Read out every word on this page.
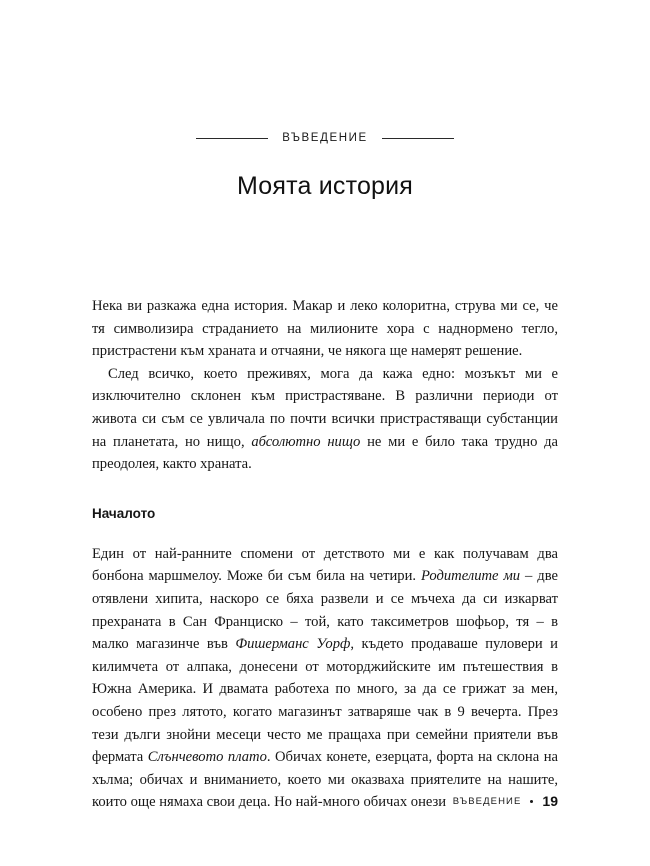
ВЪВЕДЕНИЕ
Моята история

Нека ви разкажа една история. Макар и леко колоритна, струва ми се, че тя символизира страданието на милионите хора с наднормено тегло, пристрастени към храната и отчаяни, че някога ще намерят решение.

След всичко, което преживях, мога да кажа едно: мозъкът ми е изключително склонен към пристрастяване. В различни периоди от живота си съм се увличала по почти всички пристрастяващи субстанции на планетата, но нищо, абсолютно нищо не ми е било така трудно да преодолея, както храната.

Началото

Един от най-ранните спомени от детството ми е как получавам два бонбона маршмелоу. Може би съм била на четири. Родителите ми – две отявлени хипита, наскоро се бяха развели и се мъчеха да си изкарват прехраната в Сан Франциско – той, като таксиметров шофьор, тя – в малко магазинче във Фишерманс Уорф, където продаваше пуловери и килимчета от алпака, донесени от моторджийските им пътешествия в Южна Америка. И двамата работеха по много, за да се грижат за мен, особено през лятото, когато магазинът затваряше чак в 9 вечерта. През тези дълги знойни месеци често ме пращаха при семейни приятели във фермата Слънчевото плато. Обичах конете, езерцата, форта на склона на хълма; обичах и вниманието, което ми оказваха приятелите на нашите, които още нямаха свои деца. Но най-много обичах онези ВЪВЕДЕНИЕ 19
